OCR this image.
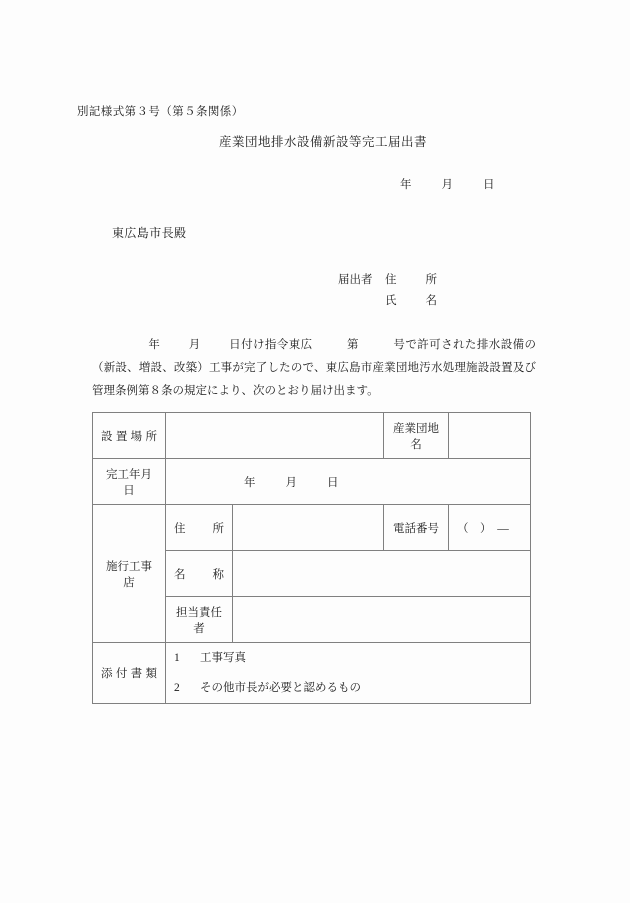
別記様式第３号（第５条関係）
産業団地排水設備新設等完工届出書
年	月	日
東広島市長殿
届出者 住　所
氏　名
年 月 日付け指令東広	第	号で許可された排水設備の（新設、増設、改築）工事が完了したので、東広島市産業団地汚水処理施設設置及び管理条例第８条の規定により、次のとおり届け出ます。
設置場所			産業団地名	
完工年月日	年 月 日			
施行工事店	住　所		電話番号	（　）　―
	名　称			
	担当責任者			
添付書類	1 工事写真
2 その他市長が必要と認めるもの			
